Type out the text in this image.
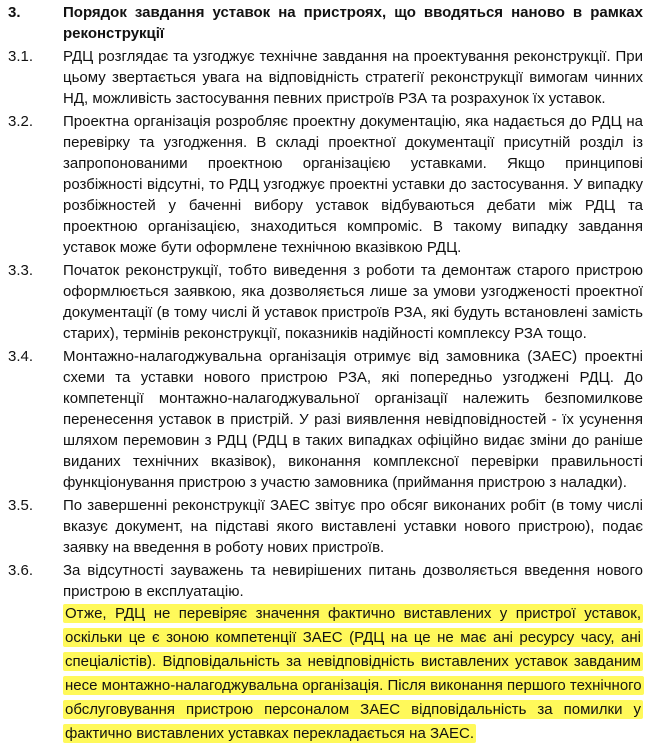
3.	Порядок завдання уставок на пристроях, що вводяться наново в рамках реконструкції
3.1. РДЦ розглядає та узгоджує технічне завдання на проектування реконструкції. При цьому звертається увага на відповідність стратегії реконструкції вимогам чинних НД, можливість застосування певних пристроїв РЗА та розрахунок їх уставок.
3.2. Проектна організація розробляє проектну документацію, яка надається до РДЦ на перевірку та узгодження. В складі проектної документації присутній розділ із запропонованими проектною організацією уставками. Якщо принципові розбіжності відсутні, то РДЦ узгоджує проектні уставки до застосування. У випадку розбіжностей у баченні вибору уставок відбуваються дебати між РДЦ та проектною організацією, знаходиться компроміс. В такому випадку завдання уставок може бути оформлене технічною вказівкою РДЦ.
3.3. Початок реконструкції, тобто виведення з роботи та демонтаж старого пристрою оформлюється заявкою, яка дозволяється лише за умови узгодженості проектної документації (в тому числі й уставок пристроїв РЗА, які будуть встановлені замість старих), термінів реконструкції, показників надійності комплексу РЗА тощо.
3.4. Монтажно-налагоджувальна організація отримує від замовника (ЗАЕС) проектні схеми та уставки нового пристрою РЗА, які попередньо узгоджені РДЦ. До компетенції монтажно-налагоджувальної організації належить безпомилкове перенесення уставок в пристрій. У разі виявлення невідповідностей - їх усунення шляхом перемовин з РДЦ (РДЦ в таких випадках офіційно видає зміни до раніше виданих технічних вказівок), виконання комплексної перевірки правильності функціонування пристрою з участю замовника (приймання пристрою з наладки).
3.5. По завершенні реконструкції ЗАЕС звітує про обсяг виконаних робіт (в тому числі вказує документ, на підставі якого виставлені уставки нового пристрою), подає заявку на введення в роботу нових пристроїв.
3.6. За відсутності зауважень та невирішених питань дозволяється введення нового пристрою в експлуатацію.
Отже, РДЦ не перевіряє значення фактично виставлених у пристрої уставок, оскільки це є зоною компетенції ЗАЕС (РДЦ на це не має ані ресурсу часу, ані спеціалістів). Відповідальність за невідповідність виставлених уставок завданим несе монтажно-налагоджувальна організація. Після виконання першого технічного обслуговування пристрою персоналом ЗАЕС відповідальність за помилки у фактично виставлених уставках перекладається на ЗАЕС.
